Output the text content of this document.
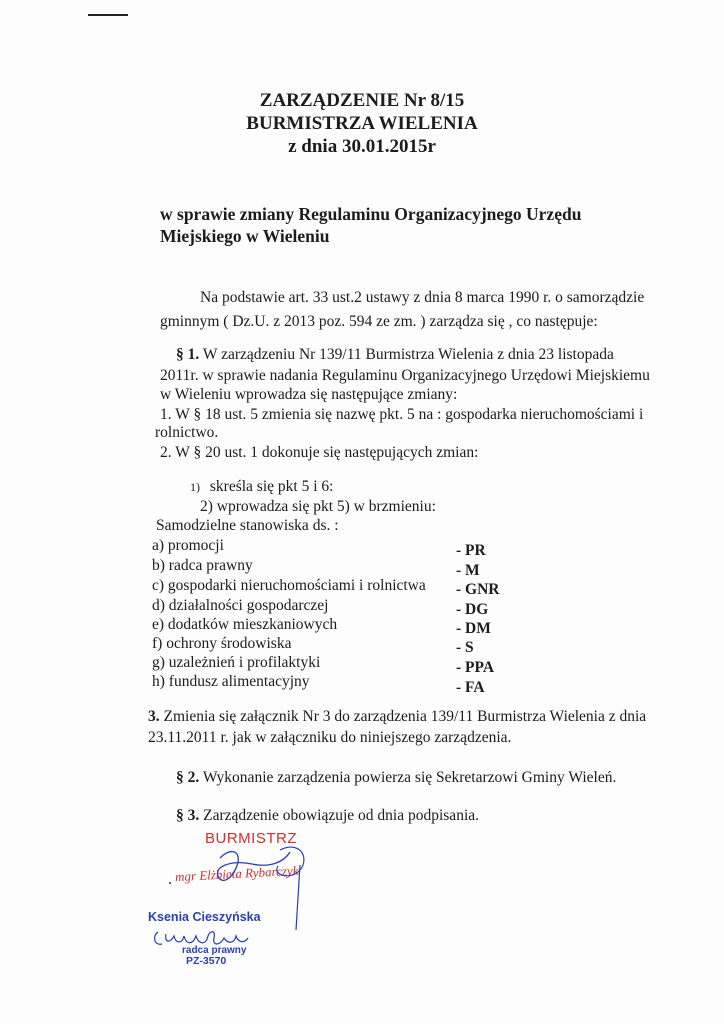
ZARZĄDZENIE Nr 8/15
BURMISTRZA WIELENIA
z dnia 30.01.2015r
w sprawie zmiany Regulaminu Organizacyjnego Urzędu
Miejskiego w Wieleniu
Na podstawie art. 33 ust.2 ustawy z dnia 8 marca 1990 r. o samorządzie
gminnym ( Dz.U. z 2013 poz. 594 ze zm. ) zarządza się , co następuje:
§ 1. W zarządzeniu Nr 139/11 Burmistrza Wielenia z dnia 23 listopada
2011r. w sprawie nadania Regulaminu Organizacyjnego Urzędowi Miejskiemu
w Wieleniu wprowadza się następujące zmiany:
1. W § 18 ust. 5 zmienia się nazwę pkt. 5 na : gospodarka nieruchomościami i
rolnictwo.
2. W § 20 ust. 1 dokonuje się następujących zmian:
1) skreśla się pkt 5 i 6:
2) wprowadza się pkt 5) w brzmieniu:
Samodzielne stanowiska ds. :
a) promocji	- PR
b) radca prawny	- M
c) gospodarki nieruchomościami i rolnictwa - GNR
d) działalności gospodarczej	- DG
e) dodatków mieszkaniowych	- DM
f) ochrony środowiska	- S
g) uzależnień i profilaktyki	- PPA
h) fundusz alimentacyjny	- FA
3. Zmienia się załącznik Nr 3 do zarządzenia 139/11 Burmistrza Wielenia z dnia
23.11.2011 r. jak w załączniku do niniejszego zarządzenia.
§ 2. Wykonanie zarządzenia powierza się Sekretarzowi Gminy Wieleń.
§ 3. Zarządzenie obowiązuje od dnia podpisania.
BURMISTRZ
mgr Elżbieta Rybarczyk
.
Ksenia Cieszyńska
radca prawny
PZ-3570
